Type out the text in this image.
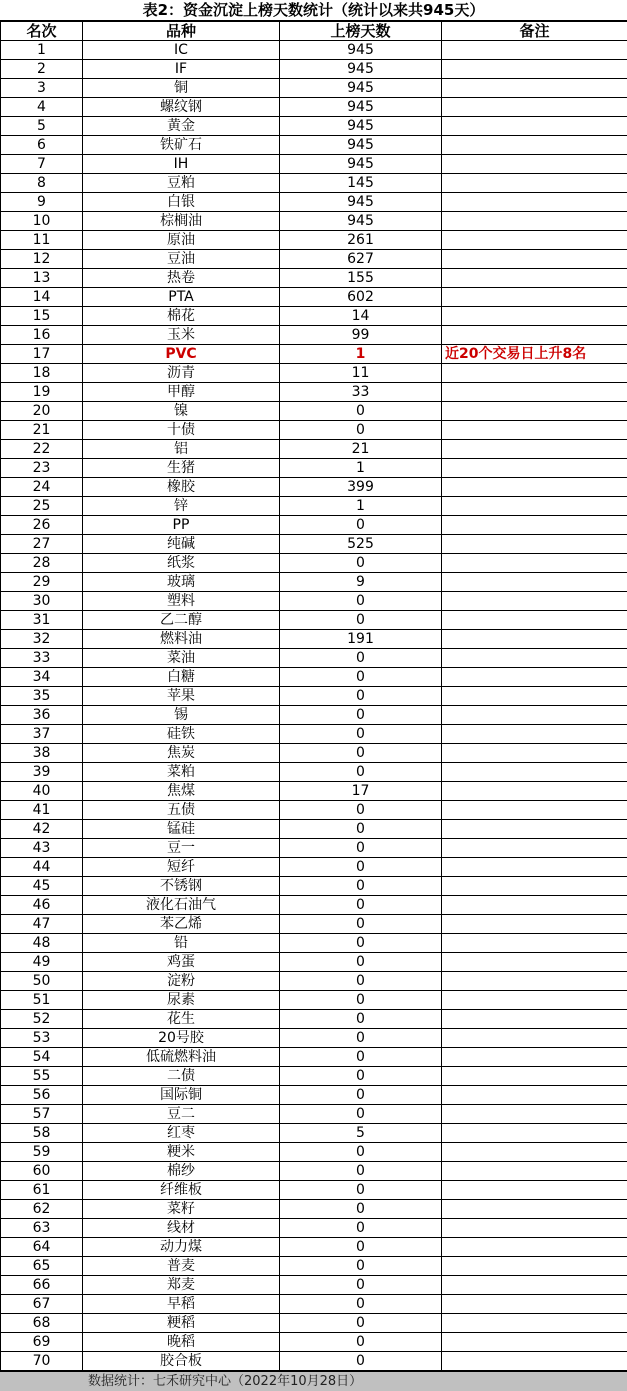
表2：资金沉淀上榜天数统计（统计以来共945天）
名次	品种	上榜天数	备注
1	IC	945	
2	IF	945	
3	铜	945	
4	螺纹钢	945	
5	黄金	945	
6	铁矿石	945	
7	IH	945	
8	豆粕	145	
9	白银	945	
10	棕榈油	945	
11	原油	261	
12	豆油	627	
13	热卷	155	
14	PTA	602	
15	棉花	14	
16	玉米	99	
17	PVC	1	近20个交易日上升8名
18	沥青	11	
19	甲醇	33	
20	镍	0	
21	十债	0	
22	铝	21	
23	生猪	1	
24	橡胶	399	
25	锌	1	
26	PP	0	
27	纯碱	525	
28	纸浆	0	
29	玻璃	9	
30	塑料	0	
31	乙二醇	0	
32	燃料油	191	
33	菜油	0	
34	白糖	0	
35	苹果	0	
36	锡	0	
37	硅铁	0	
38	焦炭	0	
39	菜粕	0	
40	焦煤	17	
41	五债	0	
42	锰硅	0	
43	豆一	0	
44	短纤	0	
45	不锈钢	0	
46	液化石油气	0	
47	苯乙烯	0	
48	铅	0	
49	鸡蛋	0	
50	淀粉	0	
51	尿素	0	
52	花生	0	
53	20号胶	0	
54	低硫燃料油	0	
55	二债	0	
56	国际铜	0	
57	豆二	0	
58	红枣	5	
59	粳米	0	
60	棉纱	0	
61	纤维板	0	
62	菜籽	0	
63	线材	0	
64	动力煤	0	
65	普麦	0	
66	郑麦	0	
67	早稻	0	
68	粳稻	0	
69	晚稻	0	
70	胶合板	0	
数据统计：七禾研究中心（2022年10月28日）
